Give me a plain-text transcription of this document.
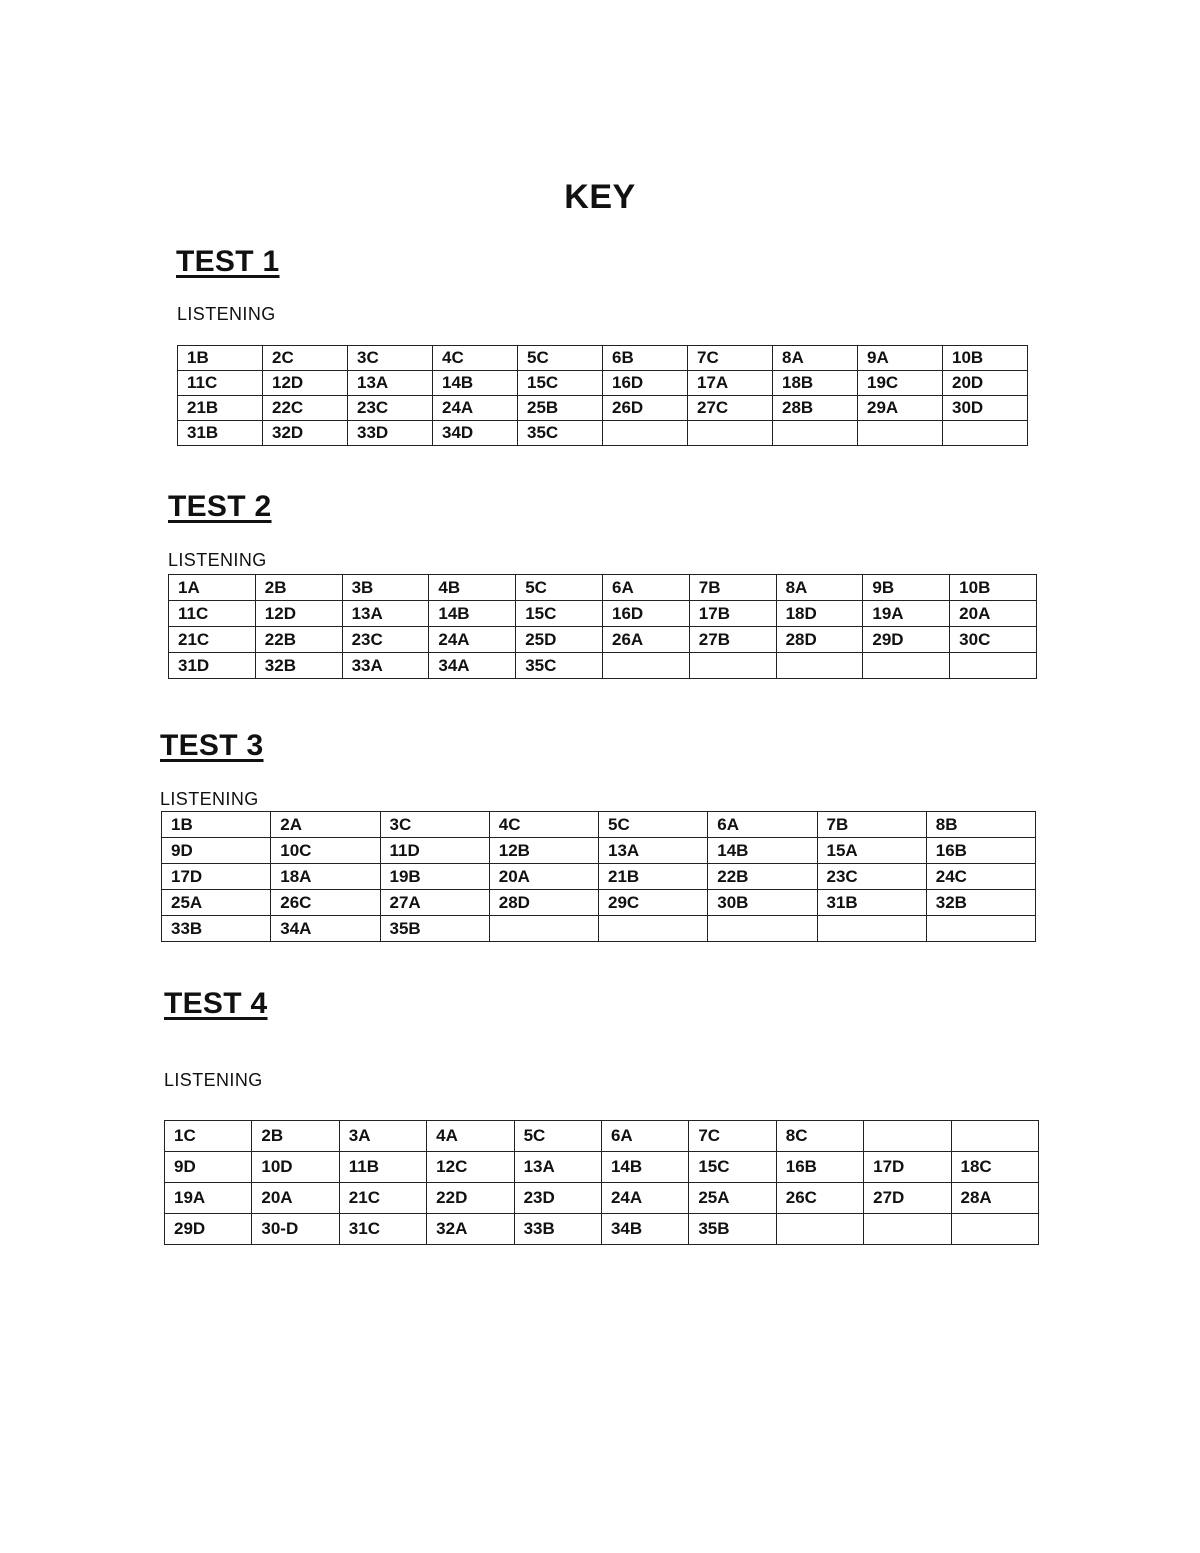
KEY
TEST 1
LISTENING
1B	2C	3C	4C	5C	6B	7C	8A	9A	10B
11C	12D	13A	14B	15C	16D	17A	18B	19C	20D
21B	22C	23C	24A	25B	26D	27C	28B	29A	30D
31B	32D	33D	34D	35C					
TEST 2
LISTENING
1A	2B	3B	4B	5C	6A	7B	8A	9B	10B
11C	12D	13A	14B	15C	16D	17B	18D	19A	20A
21C	22B	23C	24A	25D	26A	27B	28D	29D	30C
31D	32B	33A	34A	35C					
TEST 3
LISTENING
1B	2A	3C	4C	5C	6A	7B	8B
9D	10C	11D	12B	13A	14B	15A	16B
17D	18A	19B	20A	21B	22B	23C	24C
25A	26C	27A	28D	29C	30B	31B	32B
33B	34A	35B					
TEST 4
LISTENING
1C	2B	3A	4A	5C	6A	7C	8C		
9D	10D	11B	12C	13A	14B	15C	16B	17D	18C
19A	20A	21C	22D	23D	24A	25A	26C	27D	28A
29D	30-D	31C	32A	33B	34B	35B			
